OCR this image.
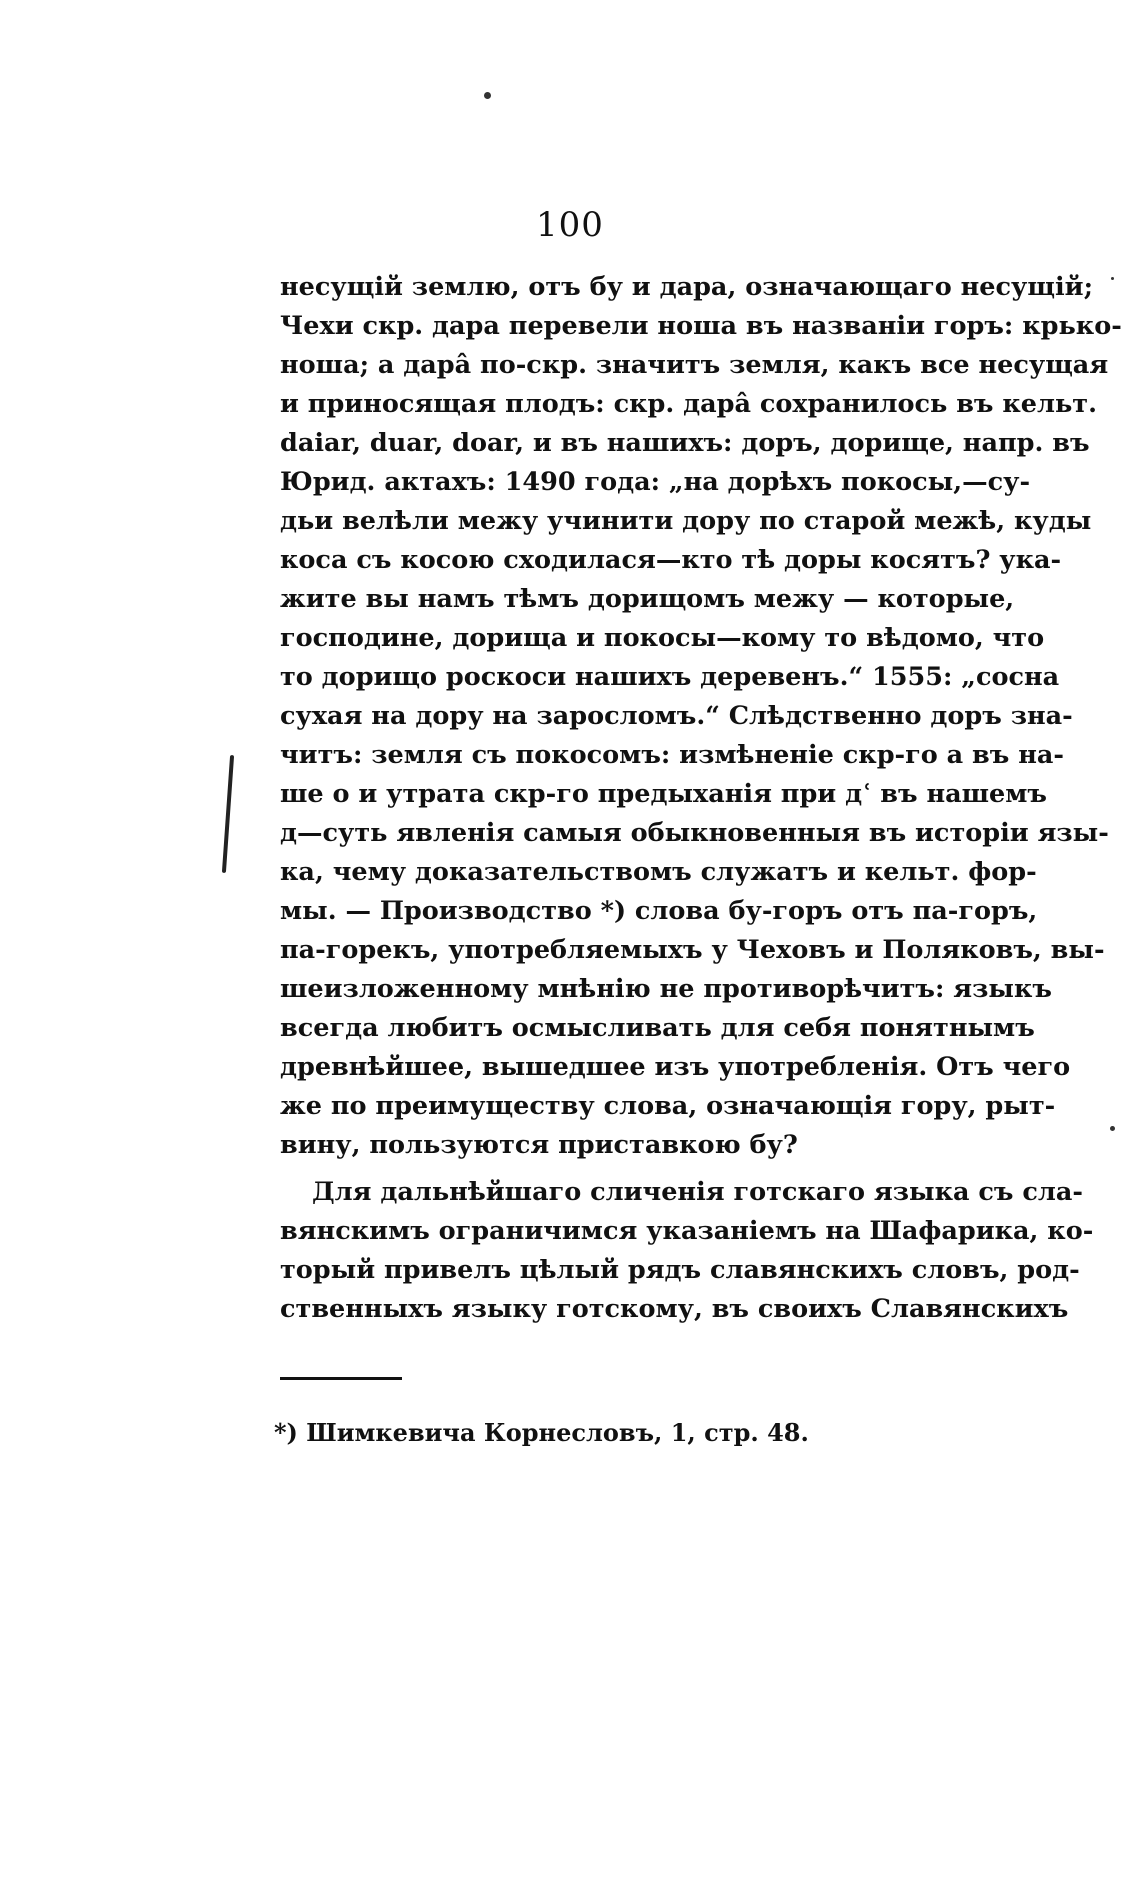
100
несущій землю, отъ бу и дара, означающаго несущій;
Чехи скр. дара перевели ноша въ названіи горъ: крько-
ноша; а дарâ по-скр. значитъ земля, какъ все несущая
и приносящая плодъ: скр. дарâ сохранилось въ кельт.
daiar, duar, doar, и въ нашихъ: доръ, дорище, напр. въ
Юрид. актахъ: 1490 года: „на дорѣхъ покосы,—су-
дьи велѣли межу учинити дору по старой межѣ, куды
коса съ косою сходилася—кто тѣ доры косятъ? ука-
жите вы намъ тѣмъ дорищомъ межу — которые,
господине, дорища и покосы—кому то вѣдомо, что
то дорищо роскоси нашихъ деревенъ.“ 1555: „сосна
сухая на дору на заросломъ.“ Слѣдственно доръ зна-
читъ: земля съ покосомъ: измѣненіе скр-го а въ на-
ше о и утрата скр-го предыханія при дʿ въ нашемъ
д—суть явленія самыя обыкновенныя въ исторіи язы-
ка, чему доказательствомъ служатъ и кельт. фор-
мы. — Производство *) слова бу-горъ отъ па-горъ,
па-горекъ, употребляемыхъ у Чеховъ и Поляковъ, вы-
шеизложенному мнѣнію не противорѣчитъ: языкъ
всегда любитъ осмысливать для себя понятнымъ
древнѣйшее, вышедшее изъ употребленія. Отъ чего
же по преимуществу слова, означающія гору, рыт-
вину, пользуются приставкою бу?
Для дальнѣйшаго сличенія готскаго языка съ сла-
вянскимъ ограничимся указаніемъ на Шафарика, ко-
торый привелъ цѣлый рядъ славянскихъ словъ, род-
ственныхъ языку готскому, въ своихъ Славянскихъ
*) Шимкевича Корнесловъ, 1, стр. 48.
